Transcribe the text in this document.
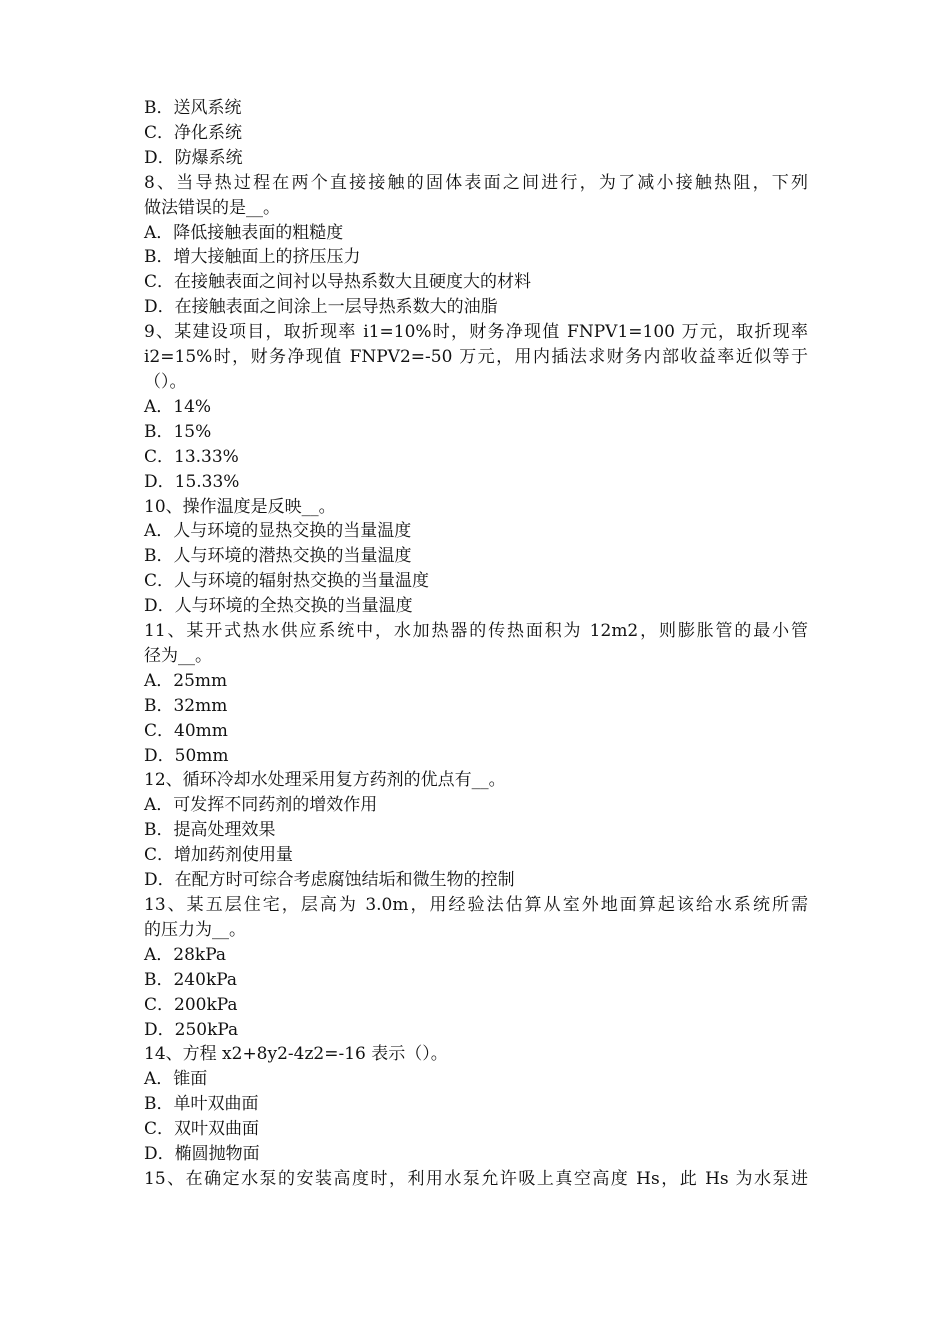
B．送风系统
C．净化系统
D．防爆系统
8、当导热过程在两个直接接触的固体表面之间进行，为了减小接触热阻，下列
做法错误的是__。
A．降低接触表面的粗糙度
B．增大接触面上的挤压压力
C．在接触表面之间衬以导热系数大且硬度大的材料
D．在接触表面之间涂上一层导热系数大的油脂
9、某建设项目，取折现率 i1=10%时，财务净现值 FNPV1=100 万元，取折现率
i2=15%时，财务净现值 FNPV2=-50 万元，用内插法求财务内部收益率近似等于
（）。
A．14%
B．15%
C．13.33%
D．15.33%
10、操作温度是反映__。
A．人与环境的显热交换的当量温度
B．人与环境的潜热交换的当量温度
C．人与环境的辐射热交换的当量温度
D．人与环境的全热交换的当量温度
11、某开式热水供应系统中，水加热器的传热面积为 12m2，则膨胀管的最小管
径为__。
A．25mm
B．32mm
C．40mm
D．50mm
12、循环冷却水处理采用复方药剂的优点有__。
A．可发挥不同药剂的增效作用
B．提高处理效果
C．增加药剂使用量
D．在配方时可综合考虑腐蚀结垢和微生物的控制
13、某五层住宅，层高为 3.0m，用经验法估算从室外地面算起该给水系统所需
的压力为__。
A．28kPa
B．240kPa
C．200kPa
D．250kPa
14、方程 x2+8y2-4z2=-16 表示（）。
A．锥面
B．单叶双曲面
C．双叶双曲面
D．椭圆抛物面
15、在确定水泵的安装高度时，利用水泵允许吸上真空高度 Hs，此 Hs 为水泵进
